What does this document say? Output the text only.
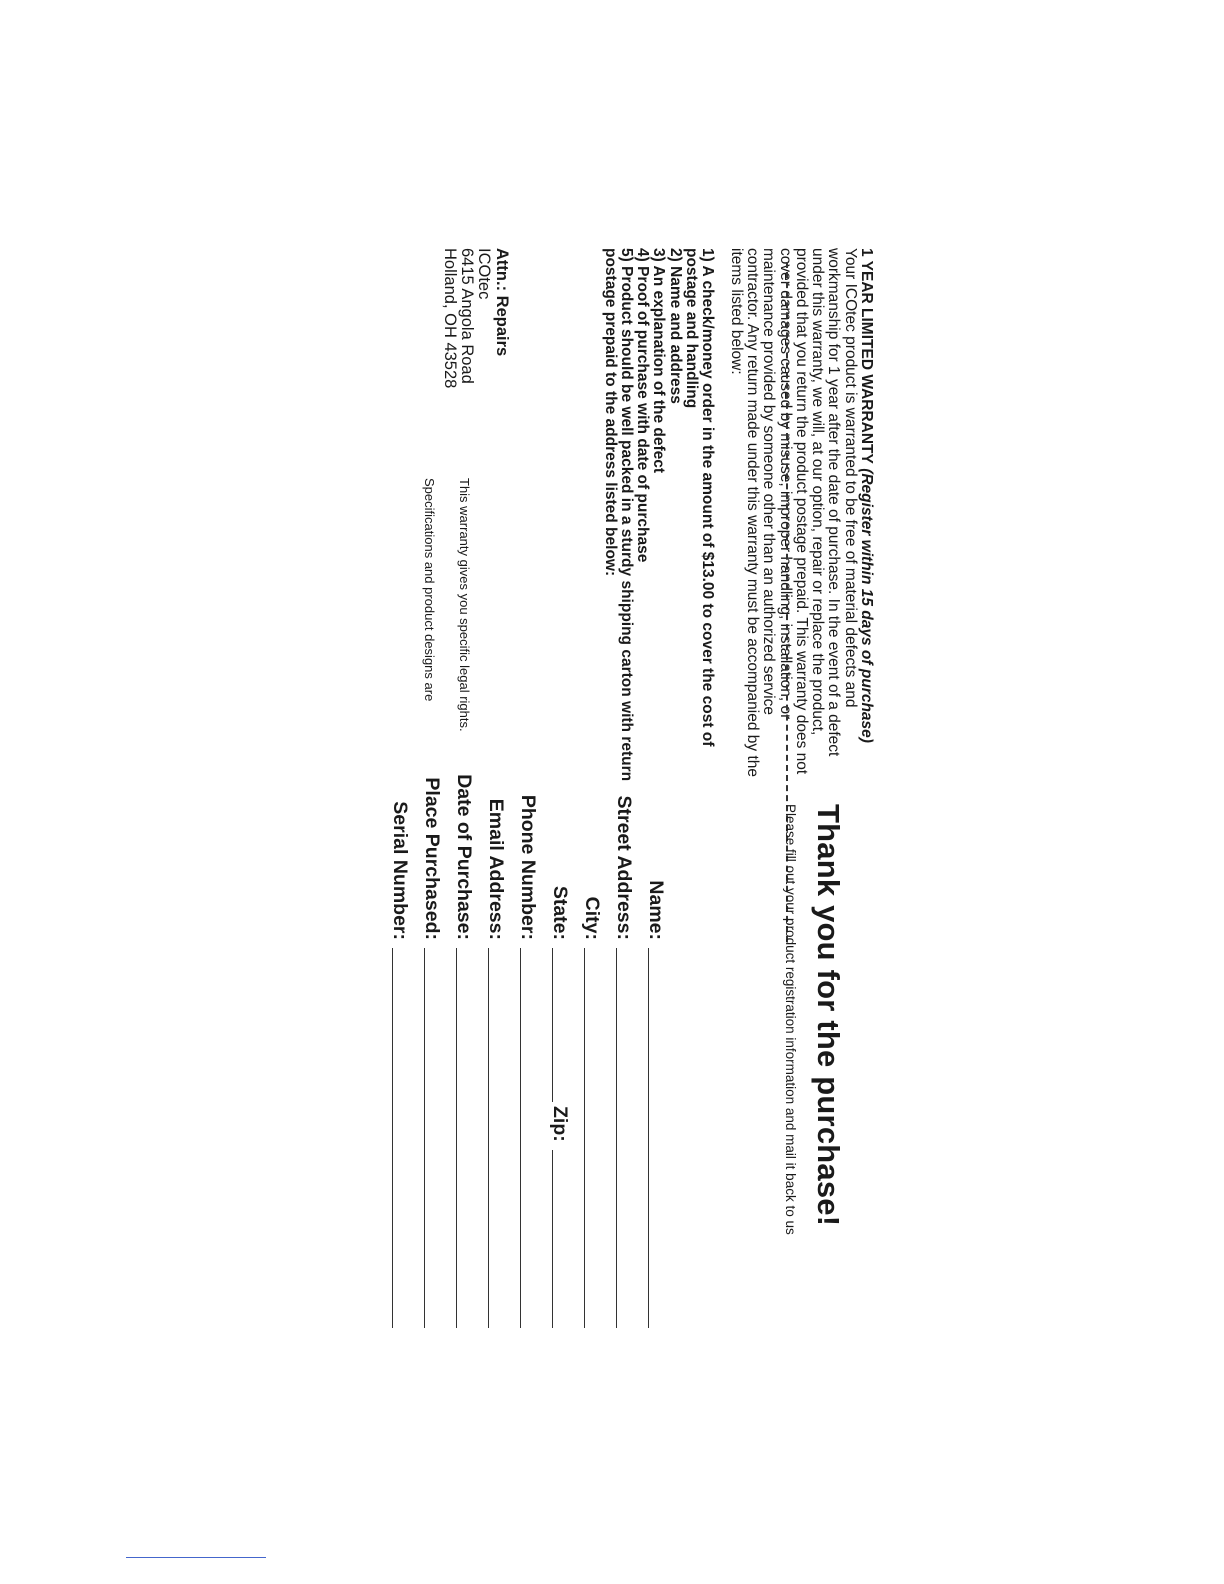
1 YEAR LIMITED WARRANTY (Register within 15 days of purchase)
Your ICOtec product is warranted to be free of material defects and workmanship for 1 year after the date of purchase. In the event of a defect under this warranty, we will, at our option, repair or replace the product, provided that you return the product postage prepaid. This warranty does not cover damages caused by misuse, improper handling, installation, or maintenance provided by someone other than an authorized service contractor. Any return made under this warranty must be accompanied by the items listed below:

1) A check/money order in the amount of $13.00 to cover the cost of postage and handling
2) Name and address
3) An explanation of the defect
4) Proof of purchase with date of purchase
5) Product should be well packed in a sturdy shipping carton with return postage prepaid to the address listed below:

Attn.: Repairs
ICOtec
6415 Angola Road
Holland, OH 43528
This warranty gives you specific legal rights.
Specifications and product designs are
Thank you for the purchase!
Please fill out your product registration information and mail it back to us
Name:
Street Address:
City:
State:
Zip:
Phone Number:
Email Address:
Date of Purchase:
Place Purchased:
Serial Number:
